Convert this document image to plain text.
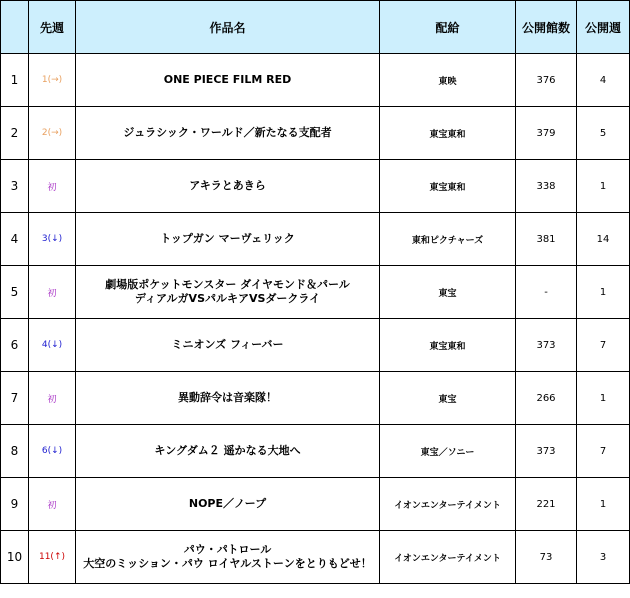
	先週	作品名	配給	公開館数	公開週
1	1(→)	ONE PIECE FILM RED	東映	376	4
2	2(→)	ジュラシック・ワールド／新たなる支配者	東宝東和	379	5
3	初	アキラとあきら	東宝東和	338	1
4	3(↓)	トップガン マーヴェリック	東和ピクチャーズ	381	14
5	初	劇場版ポケットモンスター ダイヤモンド＆パール
ディアルガVSパルキアVSダークライ	東宝	-	1
6	4(↓)	ミニオンズ フィーバー	東宝東和	373	7
7	初	異動辞令は音楽隊！	東宝	266	1
8	6(↓)	キングダム２ 遥かなる大地へ	東宝／ソニー	373	7
9	初	NOPE／ノープ	イオンエンターテイメント	221	1
10	11(↑)	パウ・パトロール
大空のミッション・パウ ロイヤルストーンをとりもどせ！	イオンエンターテイメント	73	3
